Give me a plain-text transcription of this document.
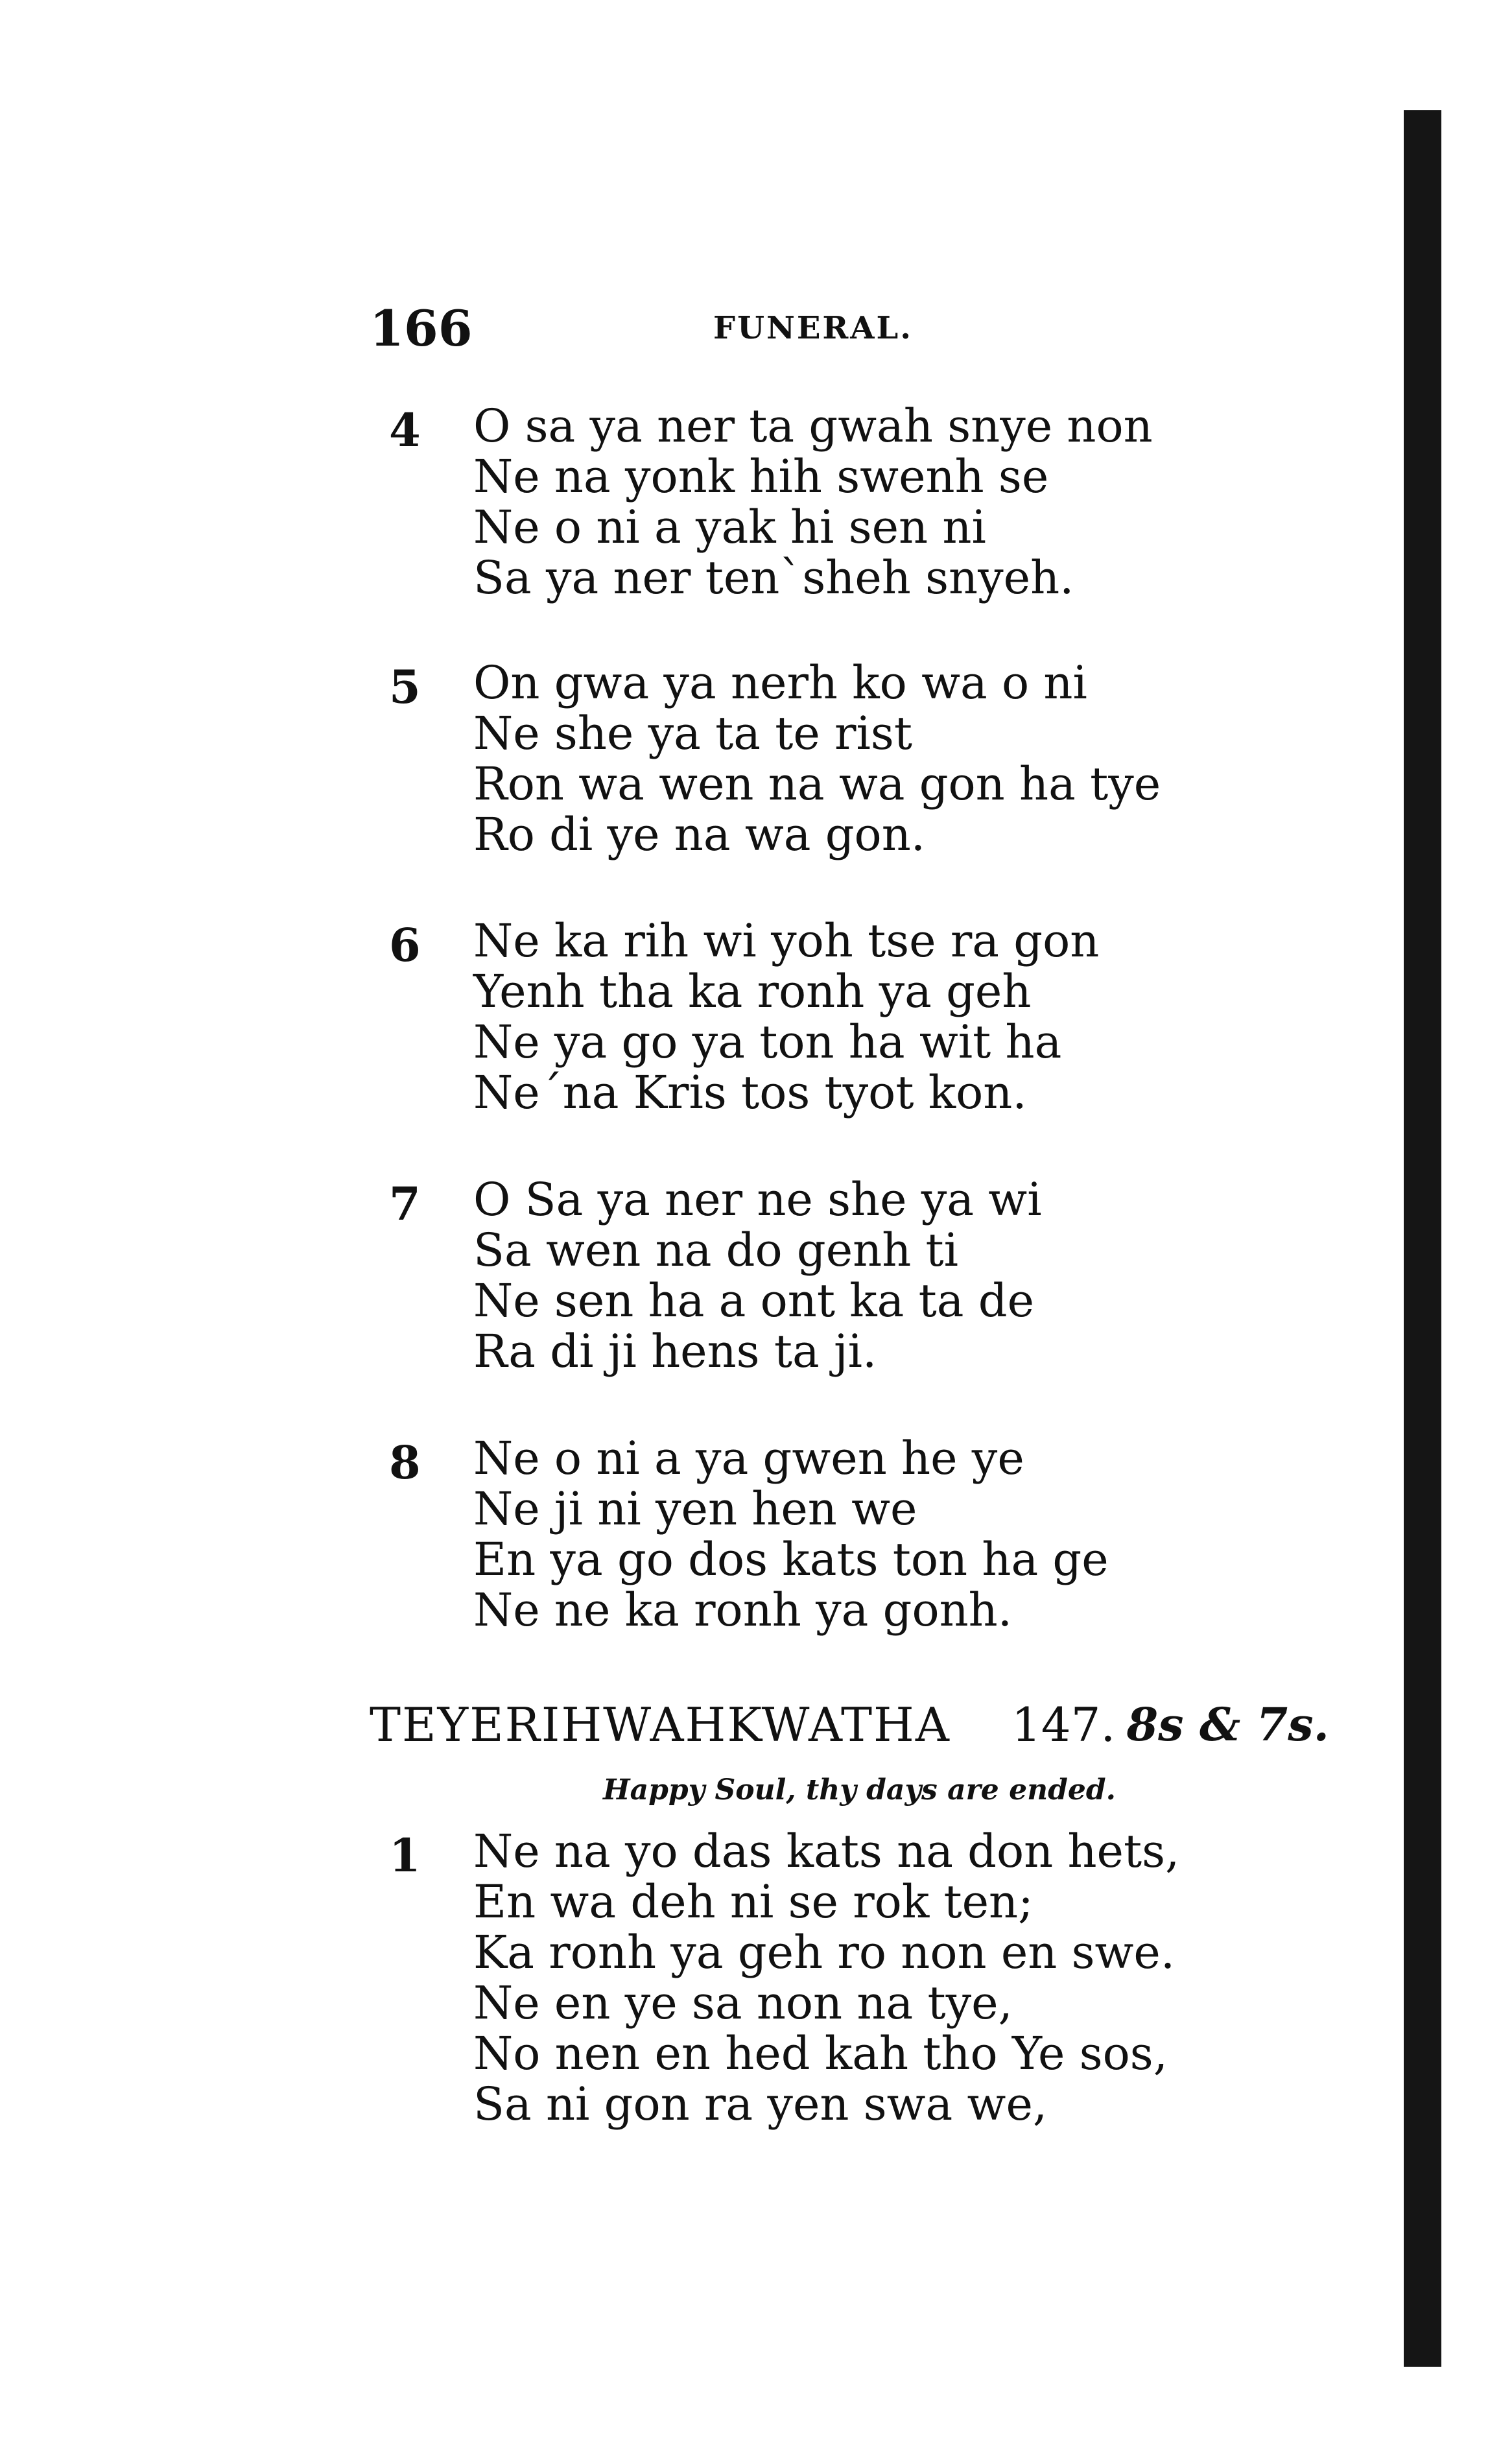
166	FUNERAL.
4 O sa ya ner ta gwah snye non
Ne na yonk hih swenh se
Ne o ni a yak hi sen ni
Sa ya ner ten`sheh snyeh.
5 On gwa ya nerh ko wa o ni
Ne she ya ta te rist
Ron wa wen na wa gon ha tye
Ro di ye na wa gon.
6 Ne ka rih wi yoh tse ra gon
Yenh tha ka ronh ya geh
Ne ya go ya ton ha wit ha
Ne´na Kris tos tyot kon.
7 O Sa ya ner ne she ya wi
Sa wen na do genh ti
Ne sen ha a ont ka ta de
Ra di ji hens ta ji.
8 Ne o ni a ya gwen he ye
Ne ji ni yen hen we
En ya go dos kats ton ha ge
Ne ne ka ronh ya gonh.
TEYERIHWAHKWATHA 147. 8s & 7s.
Happy Soul, thy days are ended.
1 Ne na yo das kats na don hets,
En wa deh ni se rok ten;
Ka ronh ya geh ro non en swe.
Ne en ye sa non na tye,
No nen en hed kah tho Ye sos,
Sa ni gon ra yen swa we,
